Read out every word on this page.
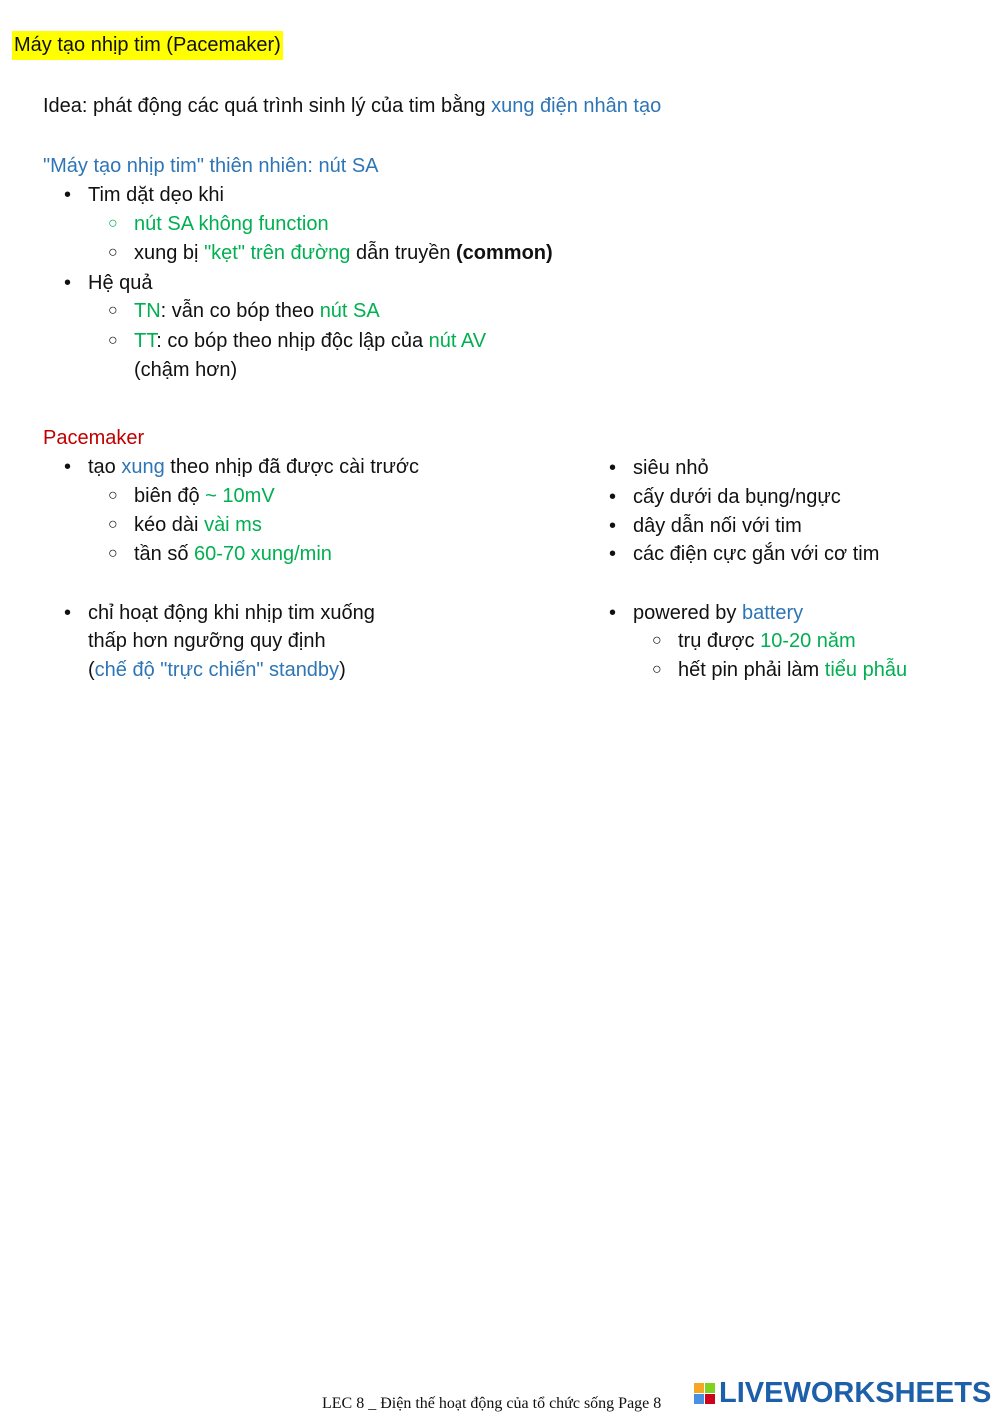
Máy tạo nhịp tim (Pacemaker)
Idea: phát động các quá trình sinh lý của tim bằng xung điện nhân tạo
"Máy tạo nhịp tim" thiên nhiên: nút SA
• Tim dặt dẹo khi
○ nút SA không function
○ xung bị "kẹt" trên đường dẫn truyền (common)
• Hệ quả
○ TN: vẫn co bóp theo nút SA
○ TT: co bóp theo nhịp độc lập của nút AV
(chậm hơn)
Pacemaker
• tạo xung theo nhịp đã được cài trước
○ biên độ ~ 10mV
○ kéo dài vài ms
○ tần số 60-70 xung/min
• chỉ hoạt động khi nhịp tim xuống
thấp hơn ngưỡng quy định
(chế độ "trực chiến" standby)
• siêu nhỏ
• cấy dưới da bụng/ngực
• dây dẫn nối với tim
• các điện cực gắn với cơ tim
• powered by battery
○ trụ được 10-20 năm
○ hết pin phải làm tiểu phẫu
LEC 8 _ Điện thế hoạt động của tổ chức sống Page 8 LIVEWORKSHEETS
